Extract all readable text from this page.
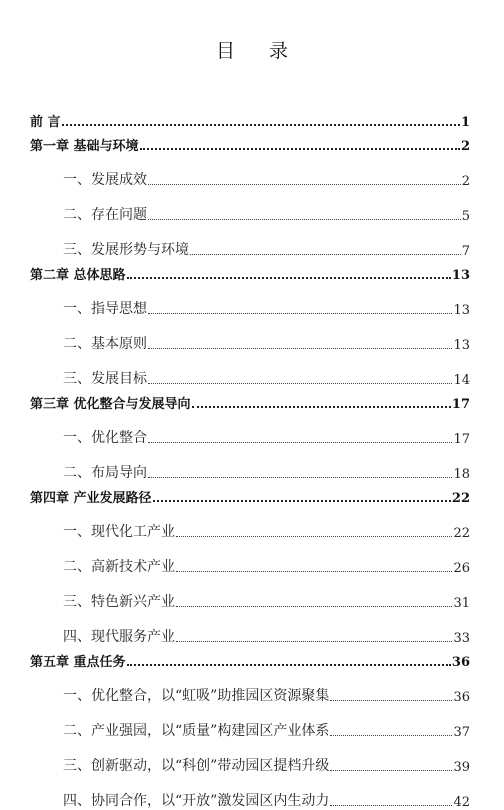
目 录
前 言	1
第一章 基础与环境	2
一、发展成效	2
二、存在问题	5
三、发展形势与环境	7
第二章 总体思路	13
一、指导思想	13
二、基本原则	13
三、发展目标	14
第三章 优化整合与发展导向	17
一、优化整合	17
二、布局导向	18
第四章 产业发展路径	22
一、现代化工产业	22
二、高新技术产业	26
三、特色新兴产业	31
四、现代服务产业	33
第五章 重点任务	36
一、优化整合，以“虹吸”助推园区资源聚集	36
二、产业强园，以“质量”构建园区产业体系	37
三、创新驱动，以“科创”带动园区提档升级	39
四、协同合作，以“开放”激发园区内生动力	42
